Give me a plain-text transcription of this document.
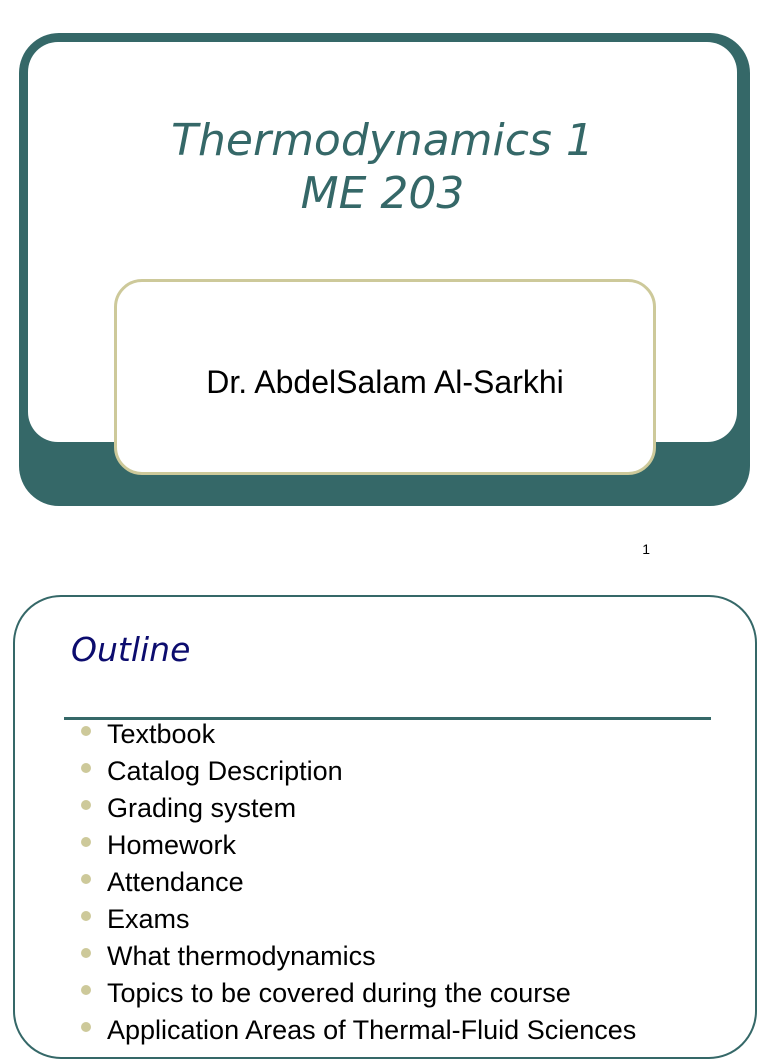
Thermodynamics 1
ME 203
Dr. AbdelSalam Al-Sarkhi
1
Outline
Textbook
Catalog Description
Grading system
Homework
Attendance
Exams
What thermodynamics
Topics to be covered during the course
Application Areas of Thermal-Fluid Sciences
